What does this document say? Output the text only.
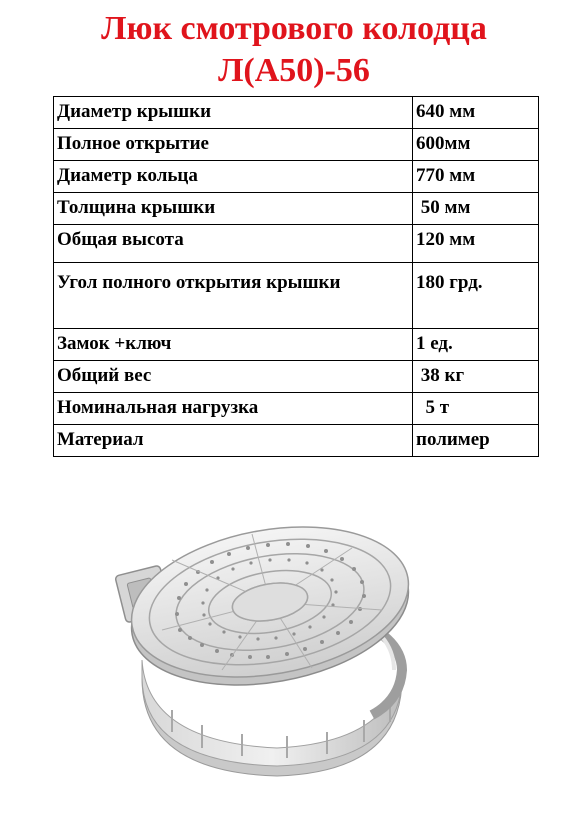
Люк смотрового колодца
Л(А50)-56
Диаметр крышки	640 мм
Полное открытие	600мм
Диаметр кольца	770 мм
Толщина крышки	50 мм
Общая высота	120 мм
Угол полного открытия крышки	180 грд.
Замок +ключ	1 ед.
Общий вес	38 кг
Номинальная нагрузка	5 т
Материал	полимер
